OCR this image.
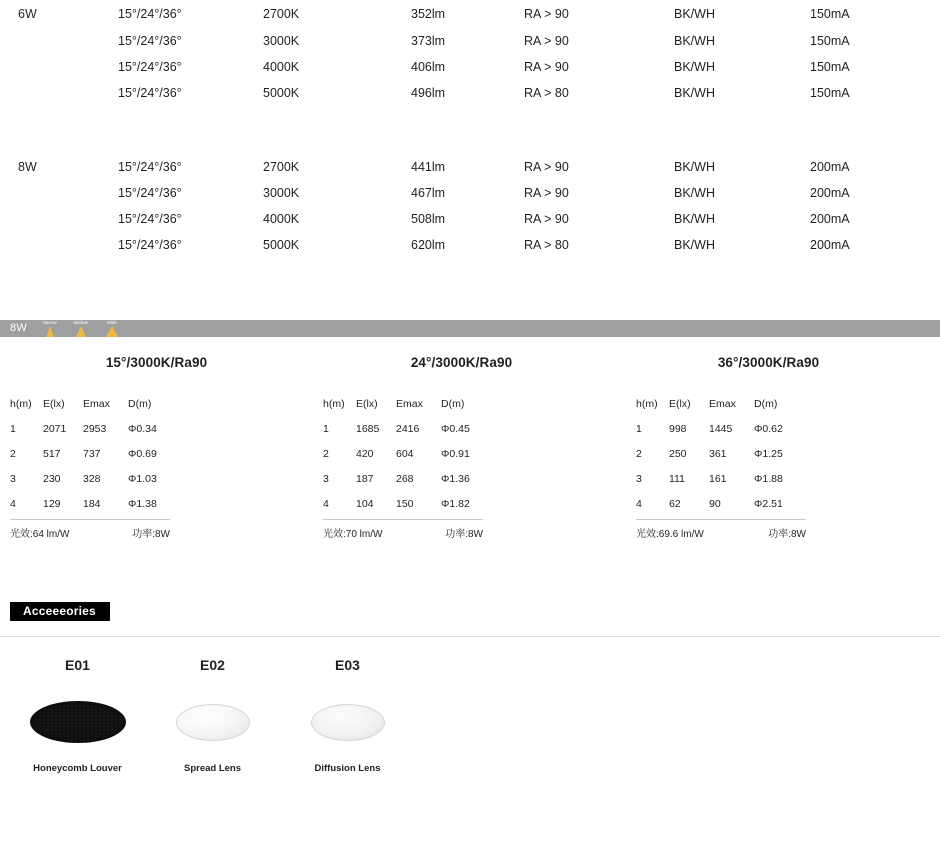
6W	15°/24°/36°	2700K	352lm	RA > 90	BK/WH	150mA
	15°/24°/36°	3000K	373lm	RA > 90	BK/WH	150mA
	15°/24°/36°	4000K	406lm	RA > 90	BK/WH	150mA
	15°/24°/36°	5000K	496lm	RA > 80	BK/WH	150mA

8W	15°/24°/36°	2700K	441lm	RA > 90	BK/WH	200mA
	15°/24°/36°	3000K	467lm	RA > 90	BK/WH	200mA
	15°/24°/36°	4000K	508lm	RA > 90	BK/WH	200mA
	15°/24°/36°	5000K	620lm	RA > 80	BK/WH	200mA
8W	Narrow	Medium	Wide
15°/3000K/Ra90
h(m)	E(lx)	Emax	D(m)
1	2071	2953	Φ0.34
2	517	737	Φ0.69
3	230	328	Φ1.03
4	129	184	Φ1.38
光效:64 lm/W	功率:8W
24°/3000K/Ra90
h(m)	E(lx)	Emax	D(m)
1	1685	2416	Φ0.45
2	420	604	Φ0.91
3	187	268	Φ1.36
4	104	150	Φ1.82
光效:70 lm/W	功率:8W
36°/3000K/Ra90
h(m)	E(lx)	Emax	D(m)
1	998	1445	Φ0.62
2	250	361	Φ1.25
3	111	161	Φ1.88
4	62	90	Φ2.51
光效:69.6 lm/W	功率:8W
Acceeeories
E01
Honeycomb Louver
E02
Spread Lens
E03
Diffusion Lens
